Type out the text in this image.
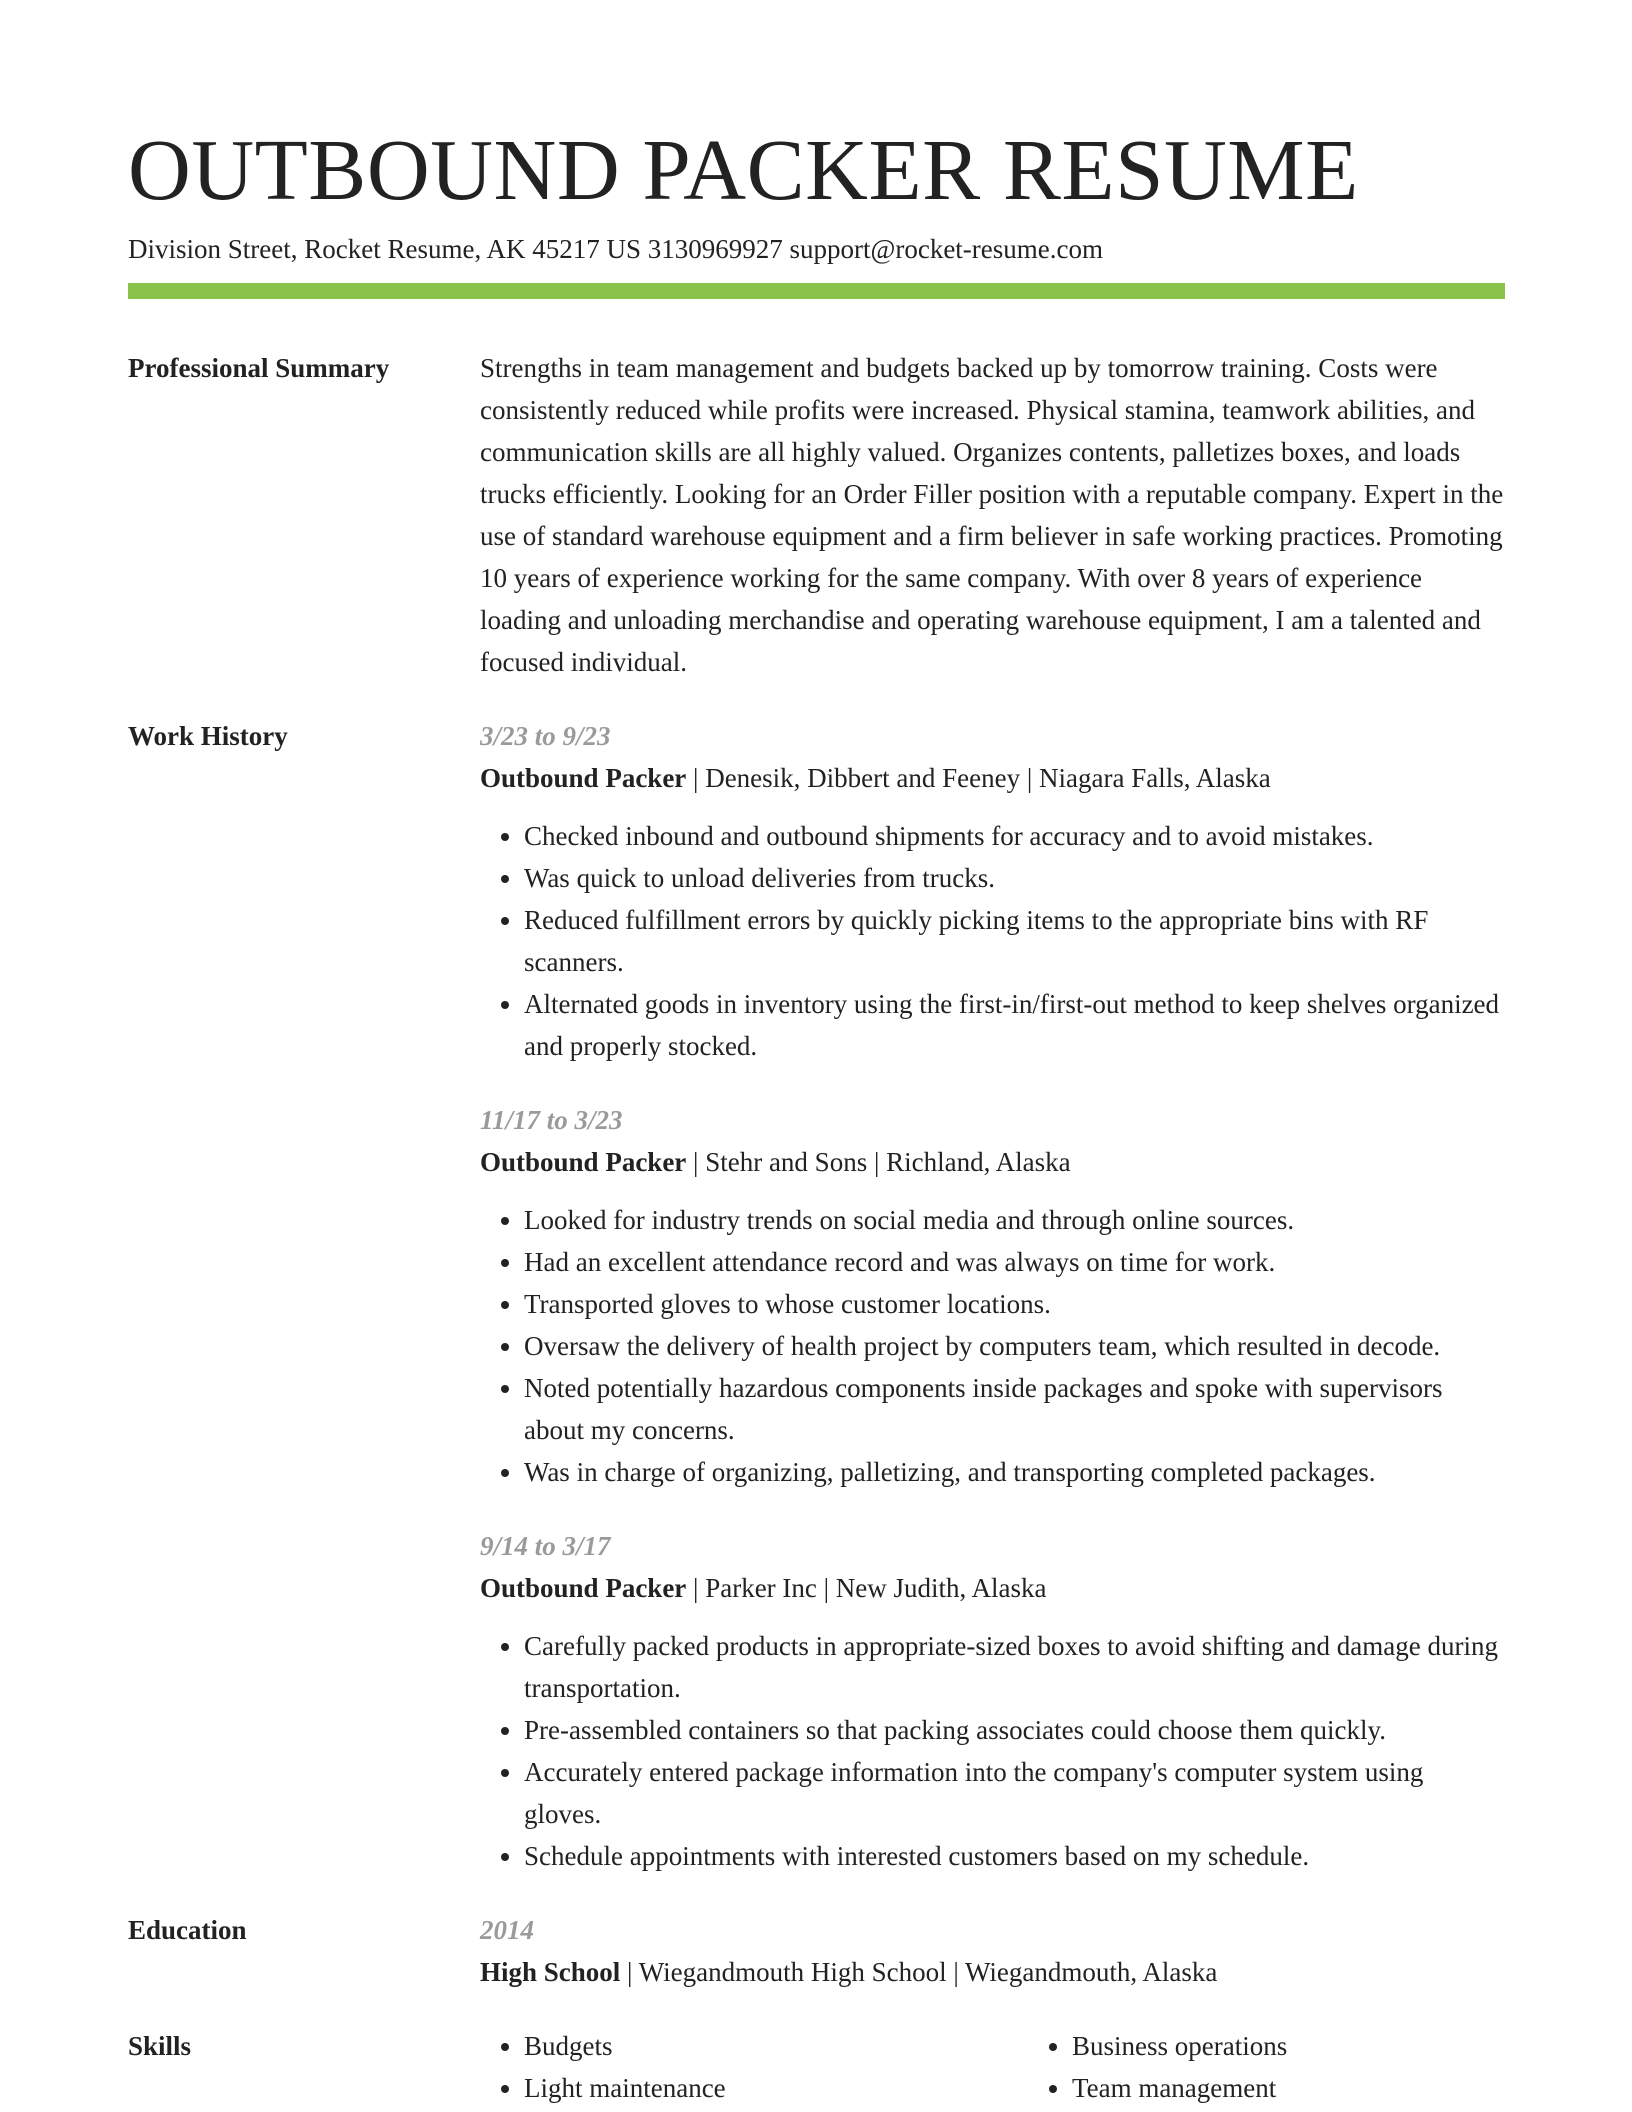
OUTBOUND PACKER RESUME
Division Street, Rocket Resume, AK 45217 US 3130969927 support@rocket-resume.com
Professional Summary	Strengths in team management and budgets backed up by tomorrow training. Costs were consistently reduced while profits were increased. Physical stamina, teamwork abilities, and communication skills are all highly valued. Organizes contents, palletizes boxes, and loads trucks efficiently. Looking for an Order Filler position with a reputable company. Expert in the use of standard warehouse equipment and a firm believer in safe working practices. Promoting 10 years of experience working for the same company. With over 8 years of experience loading and unloading merchandise and operating warehouse equipment, I am a talented and focused individual.

Work History	3/23 to 9/23
Outbound Packer | Denesik, Dibbert and Feeney | Niagara Falls, Alaska
• Checked inbound and outbound shipments for accuracy and to avoid mistakes.
• Was quick to unload deliveries from trucks.
• Reduced fulfillment errors by quickly picking items to the appropriate bins with RF scanners.
• Alternated goods in inventory using the first-in/first-out method to keep shelves organized and properly stocked.
11/17 to 3/23
Outbound Packer | Stehr and Sons | Richland, Alaska
• Looked for industry trends on social media and through online sources.
• Had an excellent attendance record and was always on time for work.
• Transported gloves to whose customer locations.
• Oversaw the delivery of health project by computers team, which resulted in decode.
• Noted potentially hazardous components inside packages and spoke with supervisors about my concerns.
• Was in charge of organizing, palletizing, and transporting completed packages.
9/14 to 3/17
Outbound Packer | Parker Inc | New Judith, Alaska
• Carefully packed products in appropriate-sized boxes to avoid shifting and damage during transportation.
• Pre-assembled containers so that packing associates could choose them quickly.
• Accurately entered package information into the company's computer system using gloves.
• Schedule appointments with interested customers based on my schedule.
Education	2014
High School | Wiegandmouth High School | Wiegandmouth, Alaska
Skills
•	Budgets
• Light maintenance
• Business operations
• Team management
